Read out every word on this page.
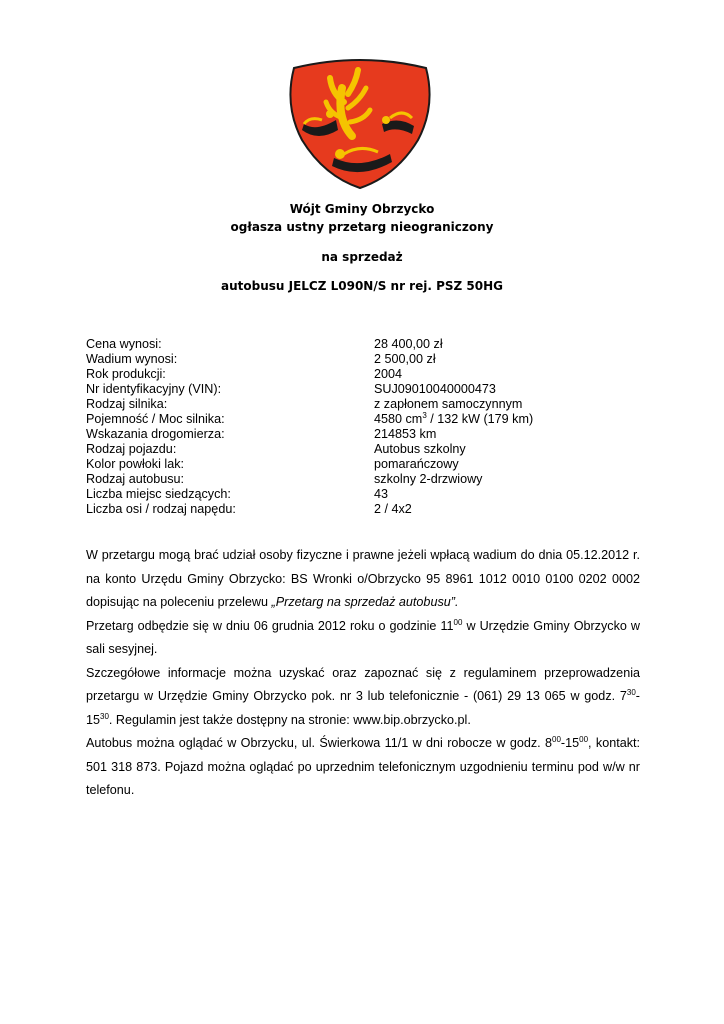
Wójt Gminy Obrzycko
ogłasza ustny przetarg nieograniczony
na sprzedaż
autobusu JELCZ L090N/S nr rej. PSZ 50HG
Cena wynosi:	28 400,00 zł
Wadium wynosi:	2 500,00 zł
Rok produkcji:	2004
Nr identyfikacyjny (VIN):	SUJ09010040000473
Rodzaj silnika:	z zapłonem samoczynnym
Pojemność / Moc silnika:	4580 $cm^3 / 132$ kW (179 km)
Wskazania drogomierza:	214853 km
Rodzaj pojazdu:	Autobus szkolny
Kolor powłoki lak:	pomarańczowy
Rodzaj autobusu:	szkolny 2-drzwiowy
Liczba miejsc siedzących:	43
Liczba osi / rodzaj napędu:	2 / 4x2

W przetargu mogą brać udział osoby fizyczne i prawne jeżeli wpłacą wadium do dnia 05.12.2012 r. na konto Urzędu Gminy Obrzycko: BS Wronki o/Obrzycko 95 8961 1012 0010 0100 0202 0002 dopisując na poleceniu przelewu „Przetarg na sprzedaż autobusu”.

Przetarg odbędzie się w dniu 06 grudnia 2012 roku o godzinie $11^{00}$ w Urzędzie Gminy Obrzycko w sali sesyjnej.

Szczegółowe informacje można uzyskać oraz zapoznać się z regulaminem przeprowadzenia przetargu w Urzędzie Gminy Obrzycko pok. nr 3 lub telefonicznie - (061) 29 13 065 w godz. $7^{30}-15^{30}$. Regulamin jest także dostępny na stronie: www.bip.obrzycko.pl.

Autobus można oglądać w Obrzycku, ul. Świerkowa 11/1 w dni robocze w godz. $8^{00}-15^{00}$, kontakt: 501 318 873. Pojazd można oglądać po uprzednim telefonicznym uzgodnieniu terminu pod w/w nr telefonu.
